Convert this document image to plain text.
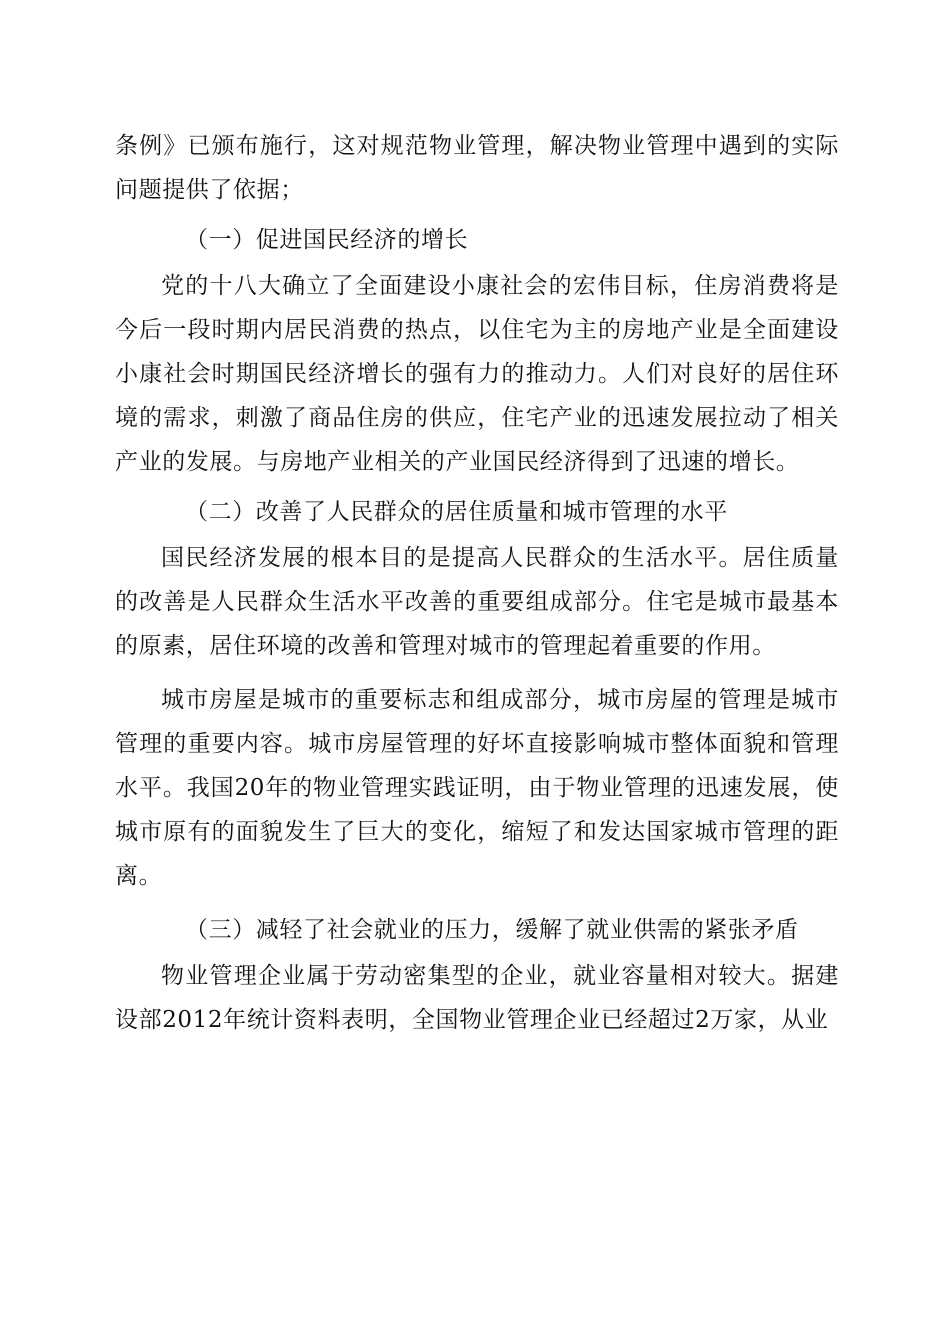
条例》已颁布施行，这对规范物业管理，解决物业管理中遇到的实际问题提供了依据；

（一）促进国民经济的增长

党的十八大确立了全面建设小康社会的宏伟目标，住房消费将是今后一段时期内居民消费的热点，以住宅为主的房地产业是全面建设小康社会时期国民经济增长的强有力的推动力。人们对良好的居住环境的需求，刺激了商品住房的供应，住宅产业的迅速发展拉动了相关产业的发展。与房地产业相关的产业国民经济得到了迅速的增长。

（二）改善了人民群众的居住质量和城市管理的水平

国民经济发展的根本目的是提高人民群众的生活水平。居住质量的改善是人民群众生活水平改善的重要组成部分。住宅是城市最基本的原素，居住环境的改善和管理对城市的管理起着重要的作用。

城市房屋是城市的重要标志和组成部分，城市房屋的管理是城市管理的重要内容。城市房屋管理的好坏直接影响城市整体面貌和管理水平。我国20年的物业管理实践证明，由于物业管理的迅速发展，使城市原有的面貌发生了巨大的变化，缩短了和发达国家城市管理的距离。

（三）减轻了社会就业的压力，缓解了就业供需的紧张矛盾

物业管理企业属于劳动密集型的企业，就业容量相对较大。据建设部2012年统计资料表明，全国物业管理企业已经超过2万家，从业
